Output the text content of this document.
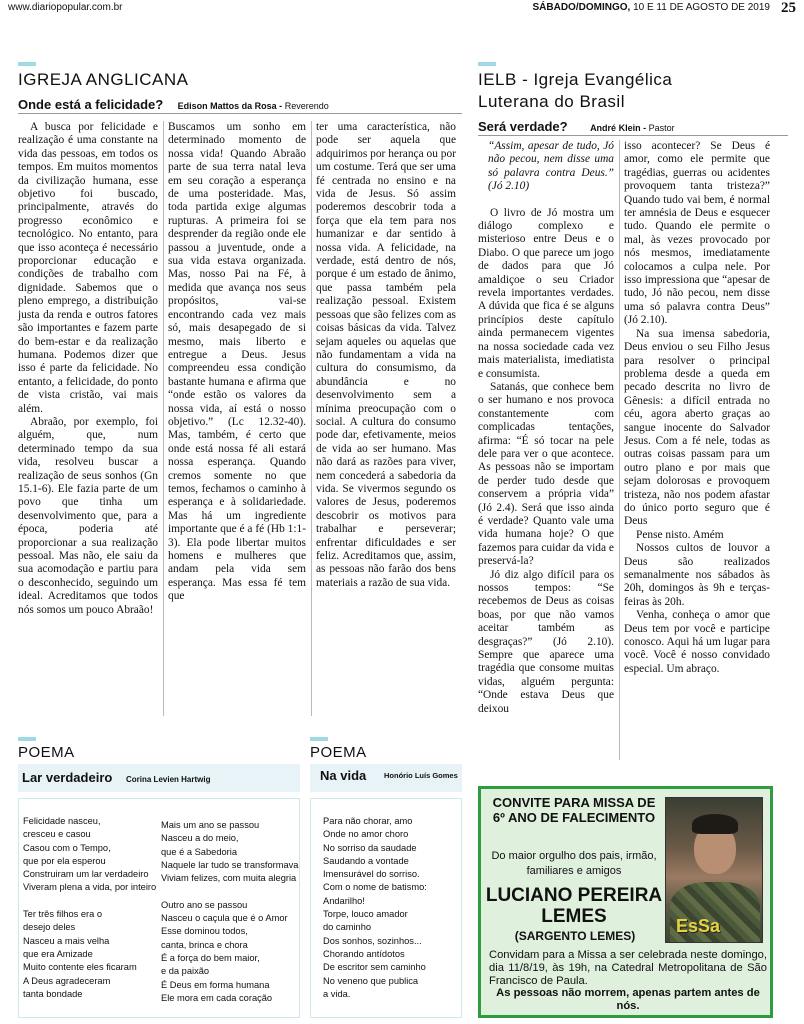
www.diariopopular.com.br	SÁBADO/DOMINGO, 10 E 11 DE AGOSTO DE 2019 25
IGREJA ANGLICANA
Onde está a felicidade? Edison Mattos da Rosa - Reverendo

A busca por felicidade e realização é uma constante na vida das pessoas, em todos os tempos. Em muitos momentos da civilização humana, esse objetivo foi buscado, principalmente, através do progresso econômico e tecnológico. No entanto, para que isso aconteça é necessário proporcionar educação e condições de trabalho com dignidade. Sabemos que o pleno emprego, a distribuição justa da renda e outros fatores são importantes e fazem parte do bem-estar e da realização humana. Podemos dizer que isso é parte da felicidade. No entanto, a felicidade, do ponto de vista cristão, vai mais além.

Abraão, por exemplo, foi alguém, que, num determinado tempo da sua vida, resolveu buscar a realização de seus sonhos (Gn 15.1-6). Ele fazia parte de um povo que tinha um desenvolvimento que, para a época, poderia até proporcionar a sua realização pessoal. Mas não, ele saiu da sua acomodação e partiu para o desconhecido, seguindo um ideal. Acreditamos que todos nós somos um pouco Abraão!

Buscamos um sonho em determinado momento de nossa vida! Quando Abraão parte de sua terra natal leva em seu coração a esperança de uma posteridade. Mas, toda partida exige algumas rupturas. A primeira foi se desprender da região onde ele passou a juventude, onde a sua vida estava organizada. Mas, nosso Pai na Fé, à medida que avança nos seus propósitos, vai-se encontrando cada vez mais só, mais desapegado de si mesmo, mais liberto e entregue a Deus. Jesus compreendeu essa condição bastante humana e afirma que “onde estão os valores da nossa vida, aí está o nosso objetivo.” (Lc 12.32-40). Mas, também, é certo que onde está nossa fé ali estará nossa esperança. Quando cremos somente no que temos, fechamos o caminho à esperança e à solidariedade. Mas há um ingrediente importante que é a fé (Hb 1:1-3). Ela pode libertar muitos homens e mulheres que andam pela vida sem esperança. Mas essa fé tem que

ter uma característica, não pode ser aquela que adquirimos por herança ou por um costume. Terá que ser uma fé centrada no ensino e na vida de Jesus. Só assim poderemos descobrir toda a força que ela tem para nos humanizar e dar sentido à nossa vida. A felicidade, na verdade, está dentro de nós, porque é um estado de ânimo, que passa também pela realização pessoal. Existem pessoas que são felizes com as coisas básicas da vida. Talvez sejam aqueles ou aquelas que não fundamentam a vida na cultura do consumismo, da abundância e no desenvolvimento sem a mínima preocupação com o social. A cultura do consumo pode dar, efetivamente, meios de vida ao ser humano. Mas não dará as razões para viver, nem concederá a sabedoria da vida. Se vivermos segundo os valores de Jesus, poderemos descobrir os motivos para trabalhar e perseverar; enfrentar dificuldades e ser feliz. Acreditamos que, assim, as pessoas não farão dos bens materiais a razão de sua vida.

IELB - Igreja Evangélica
Luterana do Brasil
Será verdade? André Klein - Pastor

“Assim, apesar de tudo, Jó não pecou, nem disse uma só palavra contra Deus.” (Jó 2.10)

O livro de Jó mostra um diálogo complexo e misterioso entre Deus e o Diabo. O que parece um jogo de dados para que Jó amaldiçoe o seu Criador revela importantes verdades. A dúvida que fica é se alguns princípios deste capítulo ainda permanecem vigentes na nossa sociedade cada vez mais materialista, imediatista e consumista.

Satanás, que conhece bem o ser humano e nos provoca constantemente com complicadas tentações, afirma: “É só tocar na pele dele para ver o que acontece. As pessoas não se importam de perder tudo desde que conservem a própria vida” (Jó 2.4). Será que isso ainda é verdade? Quanto vale uma vida humana hoje? O que fazemos para cuidar da vida e preservá-la?

Jó diz algo difícil para os nossos tempos: “Se recebemos de Deus as coisas boas, por que não vamos aceitar também as desgraças?” (Jó 2.10). Sempre que aparece uma tragédia que consome muitas vidas, alguém pergunta: “Onde estava Deus que deixou

isso acontecer? Se Deus é amor, como ele permite que tragédias, guerras ou acidentes provoquem tanta tristeza?” Quando tudo vai bem, é normal ter amnésia de Deus e esquecer tudo. Quando ele permite o mal, às vezes provocado por nós mesmos, imediatamente colocamos a culpa nele. Por isso impressiona que “apesar de tudo, Jó não pecou, nem disse uma só palavra contra Deus” (Jó 2.10).

Na sua imensa sabedoria, Deus enviou o seu Filho Jesus para resolver o principal problema desde a queda em pecado descrita no livro de Gênesis: a difícil entrada no céu, agora aberto graças ao sangue inocente do Salvador Jesus. Com a fé nele, todas as outras coisas passam para um outro plano e por mais que sejam dolorosas e provoquem tristeza, não nos podem afastar do único porto seguro que é Deus

Pense nisto. Amém

Nossos cultos de louvor a Deus são realizados semanalmente nos sábados às 20h, domingos às 9h e terças-feiras às 20h.

Venha, conheça o amor que Deus tem por você e participe conosco. Aqui há um lugar para você. Você é nosso convidado especial. Um abraço.

POEMA
Lar verdadeiro Corina Levien Hartwig
Felicidade nasceu,
cresceu e casou
Casou com o Tempo,
que por ela esperou
Construiram um lar verdadeiro
Viveram plena a vida, por inteiro

Ter três filhos era o
desejo deles
Nasceu a mais velha
que era Amizade
Muito contente eles ficaram
A Deus agradeceram
tanta bondade
Mais um ano se passou
Nasceu a do meio,
que é a Sabedoria
Naquele lar tudo se transformava
Viviam felizes, com muita alegria

Outro ano se passou
Nasceu o caçula que é o Amor
Esse dominou todos,
canta, brinca e chora
É a força do bem maior,
e da paixão
É Deus em forma humana
Ele mora em cada coração
POEMA
Na vida Honório Luís Gomes
Para não chorar, amo
Onde no amor choro
No sorriso da saudade
Saudando a vontade
Imensurável do sorriso.
Com o nome de batismo:
Andarilho!
Torpe, louco amador
do caminho
Dos sonhos, sozinhos...
Chorando antídotos
De escritor sem caminho
No veneno que publica
a vida.
CONVITE PARA MISSA DE 6º ANO DE FALECIMENTO
Do maior orgulho dos pais, irmão, familiares e amigos
LUCIANO PEREIRA LEMES
(SARGENTO LEMES)	EsSa
Convidam para a Missa a ser celebrada neste domingo, dia 11/8/19, às 19h, na Catedral Metropolitana de São Francisco de Paula.
As pessoas não morrem, apenas partem antes de nós.
